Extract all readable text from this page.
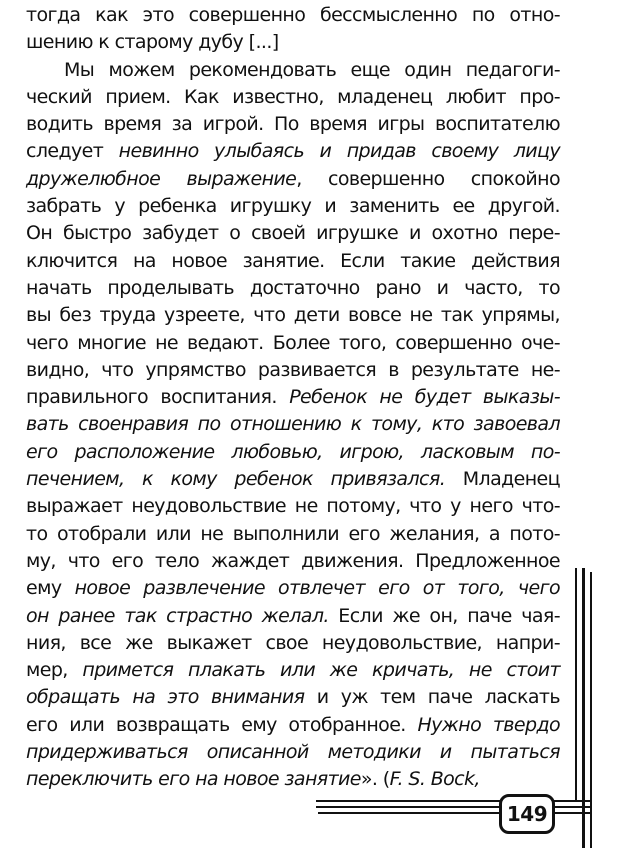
тогда как это совершенно бессмысленно по отно-
шению к старому дубу [...]
Мы можем рекомендовать еще один педагоги-
ческий прием. Как известно, младенец любит про-
водить время за игрой. По время игры воспитателю
следует невинно улыбаясь и придав своему лицу
дружелюбное выражение, совершенно спокойно
забрать у ребенка игрушку и заменить ее другой.
Он быстро забудет о своей игрушке и охотно пере-
ключится на новое занятие. Если такие действия
начать проделывать достаточно рано и часто, то
вы без труда узреете, что дети вовсе не так упрямы,
чего многие не ведают. Более того, совершенно оче-
видно, что упрямство развивается в результате не-
правильного воспитания. Ребенок не будет выказы-
вать своенравия по отношению к тому, кто завоевал
его расположение любовью, игрою, ласковым по-
печением, к кому ребенок привязался. Младенец
выражает неудовольствие не потому, что у него что-
то отобрали или не выполнили его желания, а пото-
му, что его тело жаждет движения. Предложенное
ему новое развлечение отвлечет его от того, чего
он ранее так страстно желал. Если же он, паче чая-
ния, все же выкажет свое неудовольствие, напри-
мер, примется плакать или же кричать, не стоит
обращать на это внимания и уж тем паче ласкать
его или возвращать ему отобранное. Нужно твердо
придерживаться описанной методики и пытаться
переключить его на новое занятие». (F. S. Bock,
149
